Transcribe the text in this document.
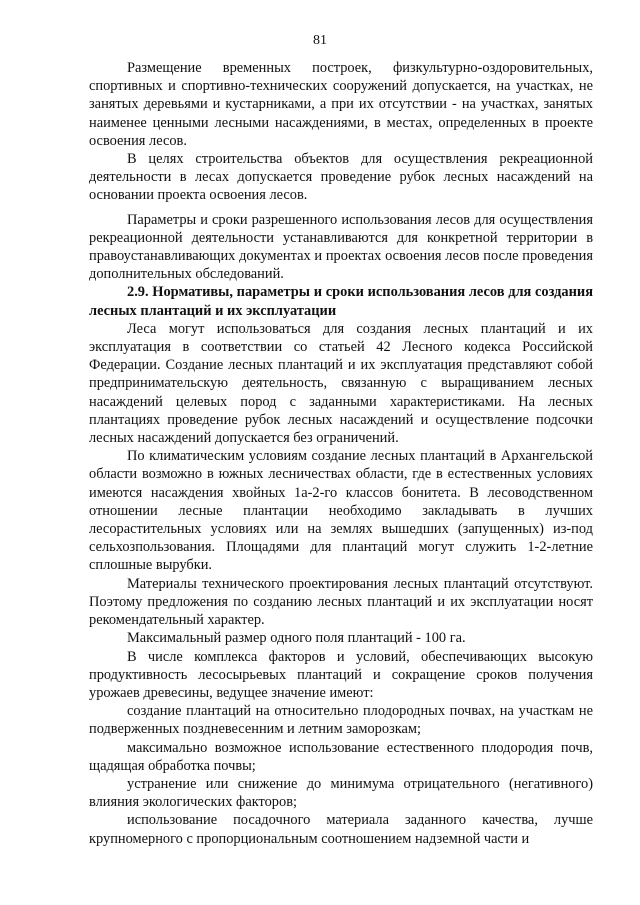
81

Размещение временных построек, физкультурно-оздоровительных, спортивных и спортивно-технических сооружений допускается, на участках, не занятых деревьями и кустарниками, а при их отсутствии - на участках, занятых наименее ценными лесными насаждениями, в местах, определенных в проекте освоения лесов.

В целях строительства объектов для осуществления рекреационной деятельности в лесах допускается проведение рубок лесных насаждений на основании проекта освоения лесов.

Параметры и сроки разрешенного использования лесов для осуществления рекреационной деятельности устанавливаются для конкретной территории в правоустанавливающих документах и проектах освоения лесов после проведения дополнительных обследований.

2.9. Нормативы, параметры и сроки использования лесов для создания лесных плантаций и их эксплуатации

Леса могут использоваться для создания лесных плантаций и их эксплуатация в соответствии со статьей 42 Лесного кодекса Российской Федерации. Создание лесных плантаций и их эксплуатация представляют собой предпринимательскую деятельность, связанную с выращиванием лесных насаждений целевых пород с заданными характеристиками. На лесных плантациях проведение рубок лесных насаждений и осуществление подсочки лесных насаждений допускается без ограничений.

По климатическим условиям создание лесных плантаций в Архангельской области возможно в южных лесничествах области, где в естественных условиях имеются насаждения хвойных 1а-2-го классов бонитета. В лесоводственном отношении лесные плантации необходимо закладывать в лучших лесорастительных условиях или на землях вышедших (запущенных) из-под сельхозпользования. Площадями для плантаций могут служить 1-2-летние сплошные вырубки.

Материалы технического проектирования лесных плантаций отсутствуют. Поэтому предложения по созданию лесных плантаций и их эксплуатации носят рекомендательный характер.

Максимальный размер одного поля плантаций - 100 га.

В числе комплекса факторов и условий, обеспечивающих высокую продуктивность лесосырьевых плантаций и сокращение сроков получения урожаев древесины, ведущее значение имеют:

создание плантаций на относительно плодородных почвах, на участкам не подверженных поздневесенним и летним заморозкам;

максимально возможное использование естественного плодородия почв, щадящая обработка почвы;

устранение или снижение до минимума отрицательного (негативного) влияния экологических факторов;

использование посадочного материала заданного качества, лучше крупномерного с пропорциональным соотношением надземной части и
